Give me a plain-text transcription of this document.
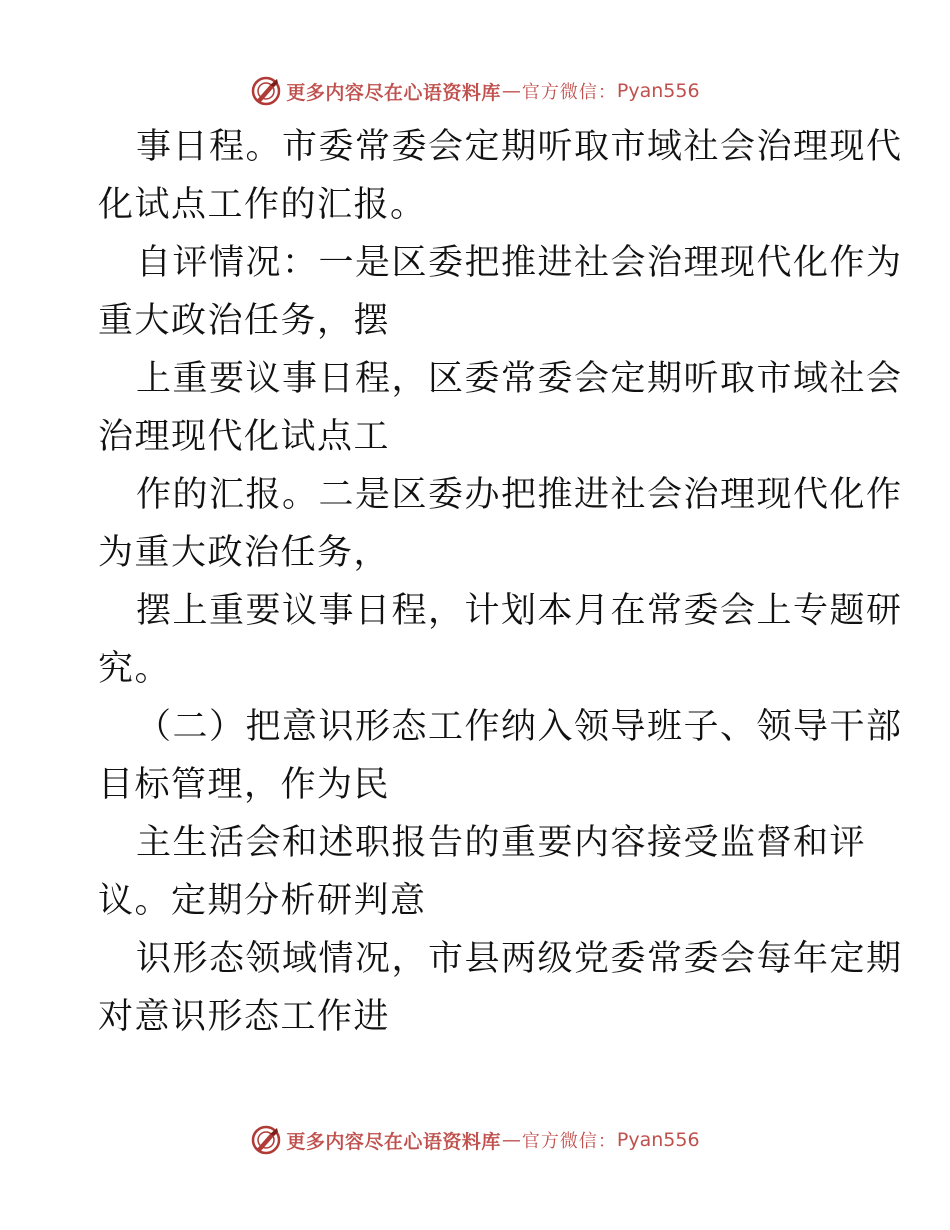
更多内容尽在心语资料库 — 官方微信： Pyan556
事日程。市委常委会定期听取市域社会治理现代
化试点工作的汇报。
自评情况：一是区委把推进社会治理现代化作为
重大政治任务，摆
上重要议事日程，区委常委会定期听取市域社会
治理现代化试点工
作的汇报。二是区委办把推进社会治理现代化作
为重大政治任务，
摆上重要议事日程，计划本月在常委会上专题研
究。
（二）把意识形态工作纳入领导班子、领导干部
目标管理，作为民
主生活会和述职报告的重要内容接受监督和评
议。定期分析研判意
识形态领域情况，市县两级党委常委会每年定期
对意识形态工作进
更多内容尽在心语资料库 — 官方微信： Pyan556
